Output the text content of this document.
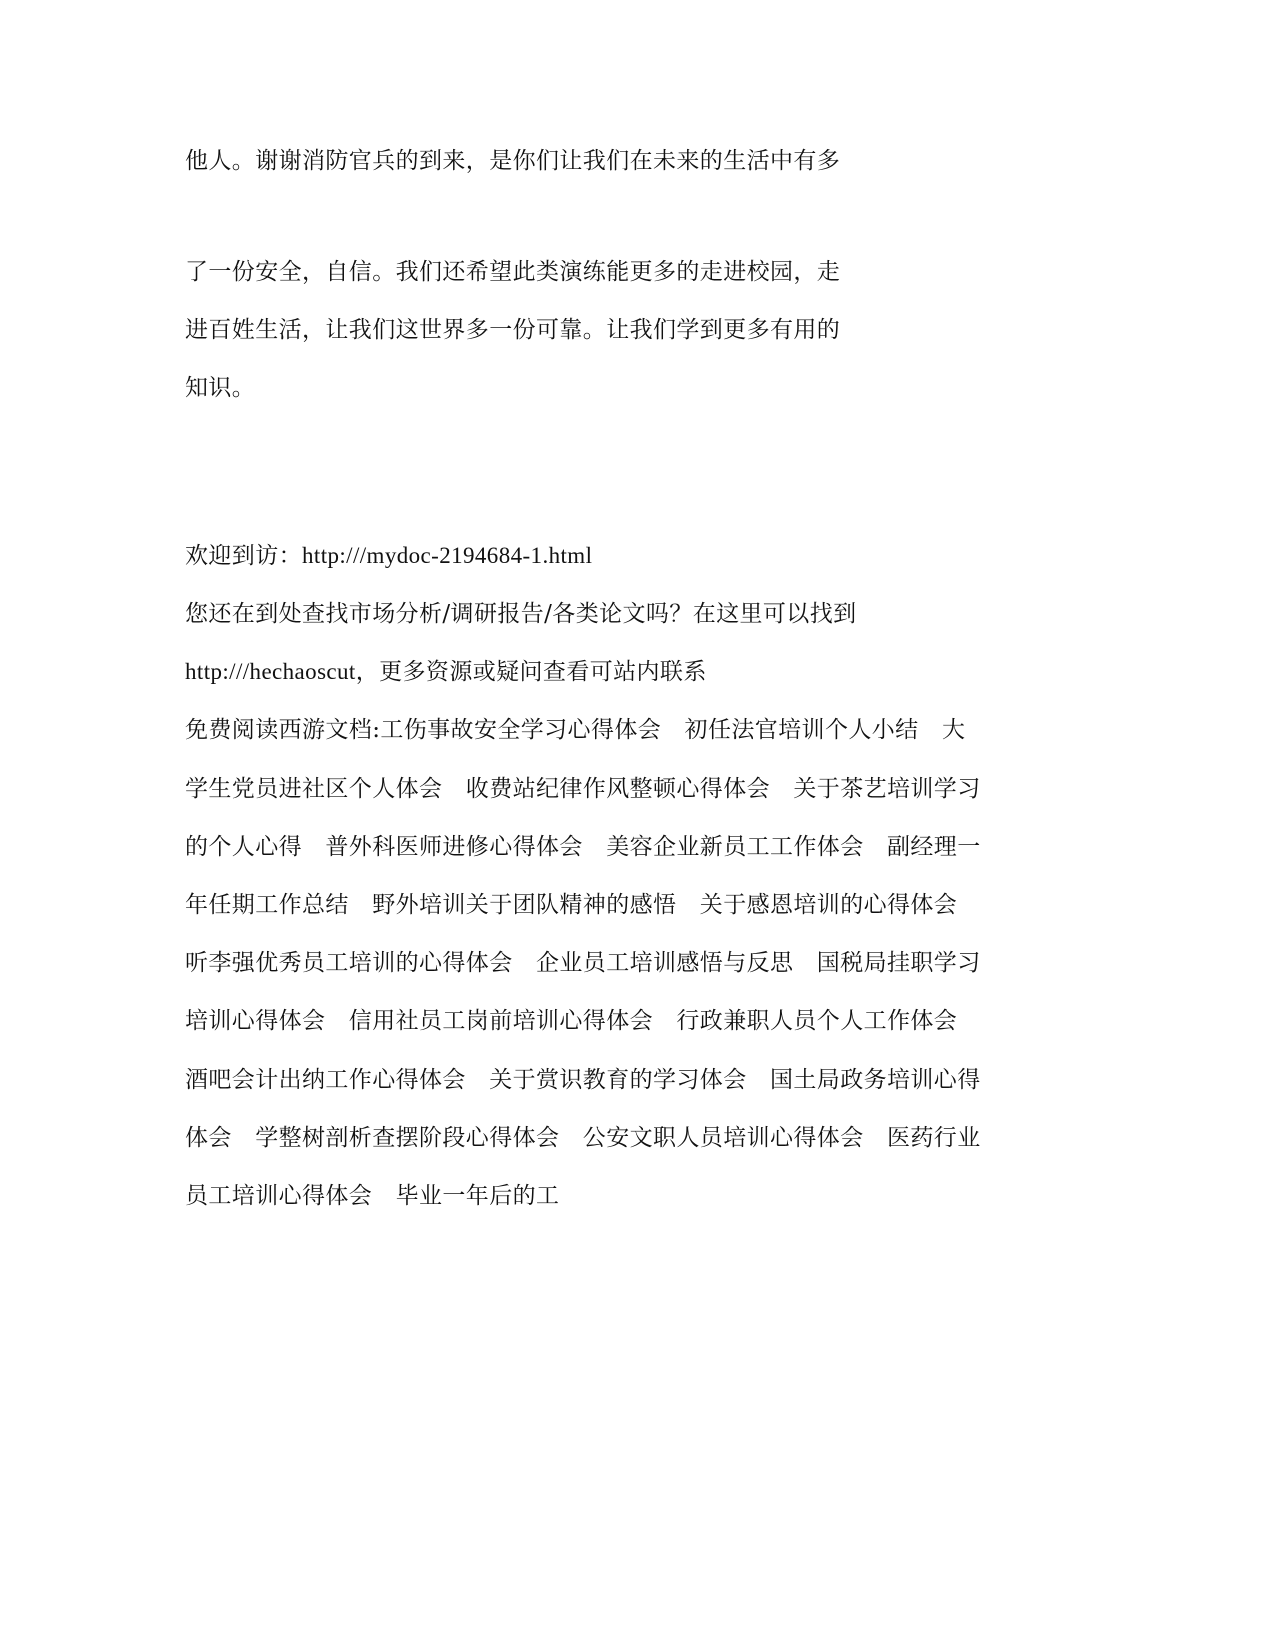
他人。谢谢消防官兵的到来，是你们让我们在未来的生活中有多
了一份安全，自信。我们还希望此类演练能更多的走进校园，走
进百姓生活，让我们这世界多一份可靠。让我们学到更多有用的
知识。
欢迎到访：http:///mydoc-2194684-1.html
您还在到处查找市场分析/调研报告/各类论文吗？在这里可以找到
http:///hechaoscut，更多资源或疑问查看可站内联系
免费阅读西游文档:工伤事故安全学习心得体会　初任法官培训个人小结　大
学生党员进社区个人体会　收费站纪律作风整顿心得体会　关于茶艺培训学习
的个人心得　普外科医师进修心得体会　美容企业新员工工作体会　副经理一
年任期工作总结　野外培训关于团队精神的感悟　关于感恩培训的心得体会
听李强优秀员工培训的心得体会　企业员工培训感悟与反思　国税局挂职学习
培训心得体会　信用社员工岗前培训心得体会　行政兼职人员个人工作体会
酒吧会计出纳工作心得体会　关于赏识教育的学习体会　国土局政务培训心得
体会　学整树剖析查摆阶段心得体会　公安文职人员培训心得体会　医药行业
员工培训心得体会　毕业一年后的工
